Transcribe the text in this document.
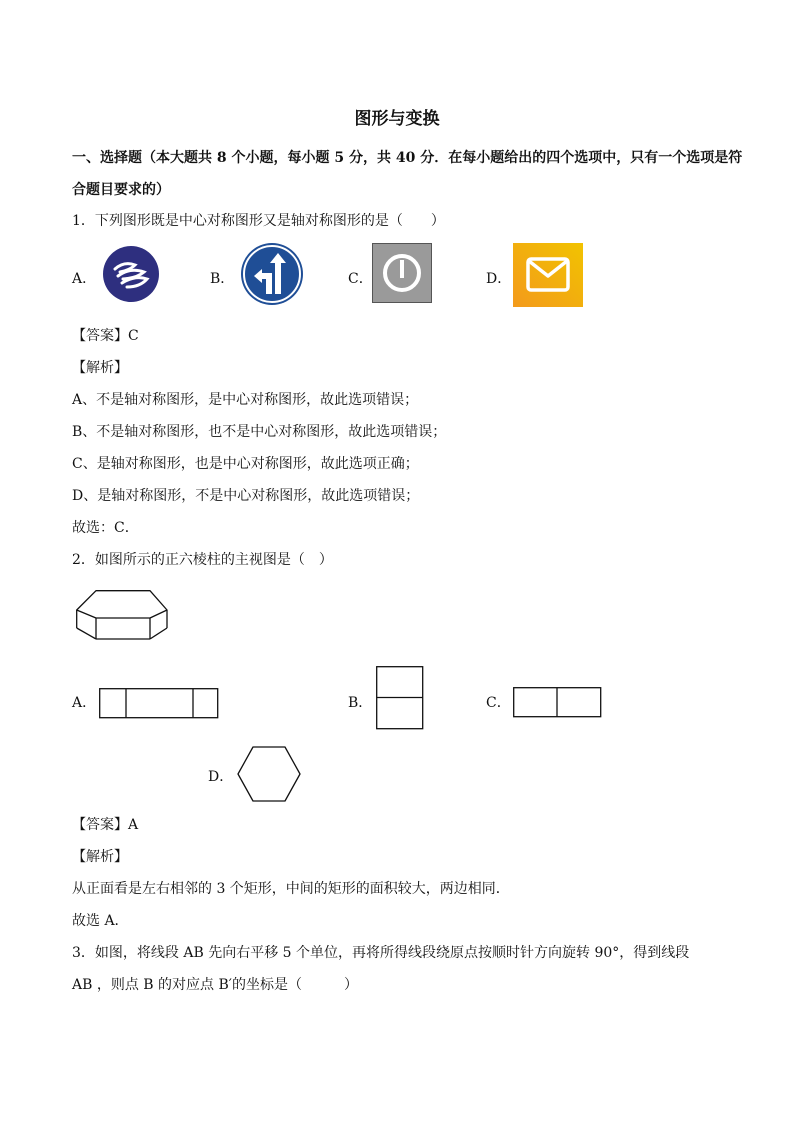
图形与变换
一、选择题（本大题共 8 个小题，每小题 5 分，共 40 分．在每小题给出的四个选项中，只有一个选项是符
合题目要求的）
1．下列图形既是中心对称图形又是轴对称图形的是（　　）
A．	B．	C．	D．
【答案】C
【解析】
A、不是轴对称图形，是中心对称图形，故此选项错误；
B、不是轴对称图形，也不是中心对称图形，故此选项错误；
C、是轴对称图形，也是中心对称图形，故此选项正确；
D、是轴对称图形，不是中心对称图形，故此选项错误；
故选：C．
2．如图所示的正六棱柱的主视图是（　）
A．	B．	C．
D．
【答案】A
【解析】
从正面看是左右相邻的 3 个矩形，中间的矩形的面积较大，两边相同．
故选 A．
3．如图，将线段 AB 先向右平移 5 个单位，再将所得线段绕原点按顺时针方向旋转 90°，得到线段
AB ，则点 B 的对应点 B′的坐标是（　　　）
